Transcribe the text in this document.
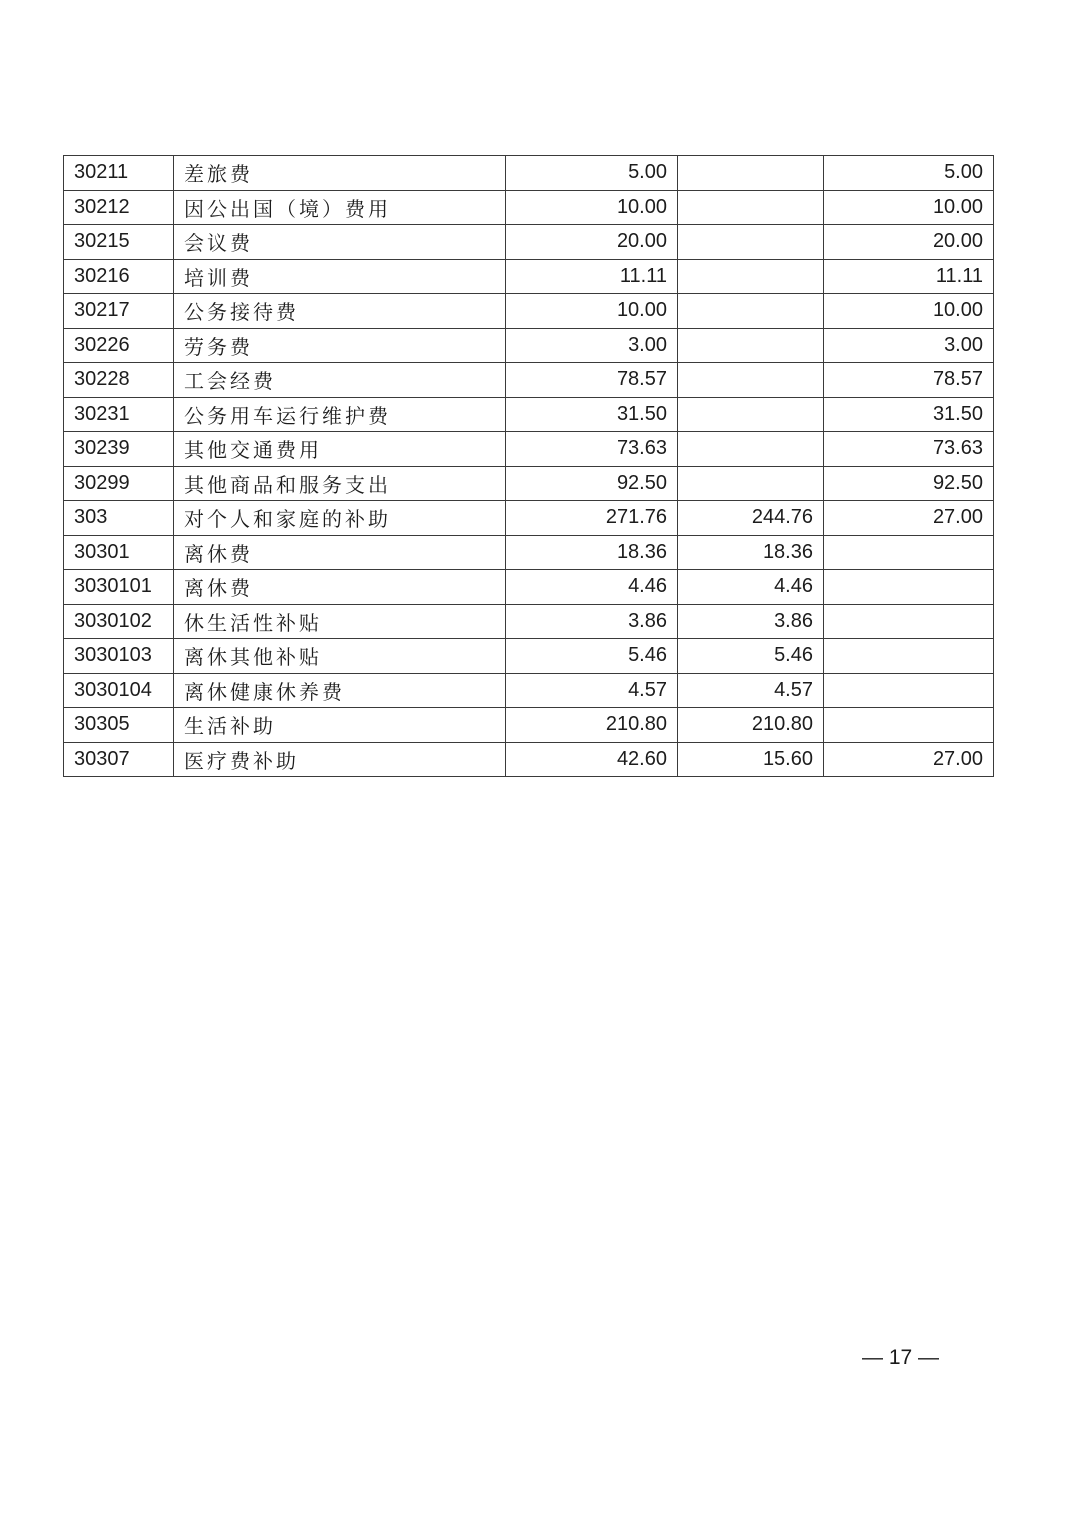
30211	差旅费	5.00		5.00
30212	因公出国（境）费用	10.00		10.00
30215	会议费	20.00		20.00
30216	培训费	11.11		11.11
30217	公务接待费	10.00		10.00
30226	劳务费	3.00		3.00
30228	工会经费	78.57		78.57
30231	公务用车运行维护费	31.50		31.50
30239	其他交通费用	73.63		73.63
30299	其他商品和服务支出	92.50		92.50
303	对个人和家庭的补助	271.76	244.76	27.00
30301	离休费	18.36	18.36	
3030101	离休费	4.46	4.46	
3030102	休生活性补贴	3.86	3.86	
3030103	离休其他补贴	5.46	5.46	
3030104	离休健康休养费	4.57	4.57	
30305	生活补助	210.80	210.80	
30307	医疗费补助	42.60	15.60	27.00
— 17 —
